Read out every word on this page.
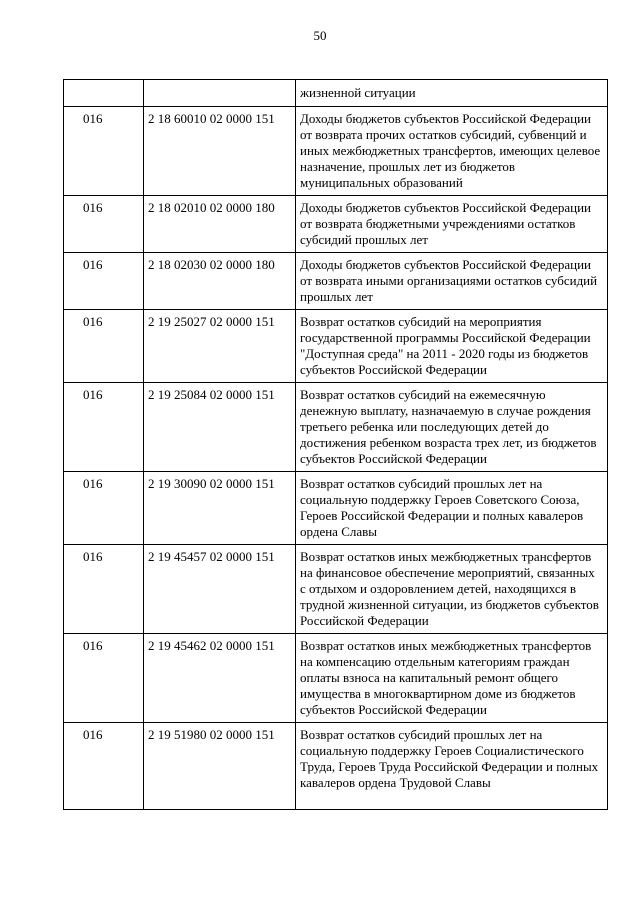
50
		жизненной ситуации
016	2 18 60010 02 0000 151	Доходы бюджетов субъектов Российской Федерации от возврата прочих остатков субсидий, субвенций и иных межбюджетных трансфертов, имеющих целевое назначение, прошлых лет из бюджетов муниципальных образований
016	2 18 02010 02 0000 180	Доходы бюджетов субъектов Российской Федерации от возврата бюджетными учреждениями остатков субсидий прошлых лет
016	2 18 02030 02 0000 180	Доходы бюджетов субъектов Российской Федерации от возврата иными организациями остатков субсидий прошлых лет
016	2 19 25027 02 0000 151	Возврат остатков субсидий на мероприятия государственной программы Российской Федерации "Доступная среда" на 2011 - 2020 годы из бюджетов субъектов Российской Федерации
016	2 19 25084 02 0000 151	Возврат остатков субсидий на ежемесячную денежную выплату, назначаемую в случае рождения третьего ребенка или последующих детей до достижения ребенком возраста трех лет, из бюджетов субъектов Российской Федерации
016	2 19 30090 02 0000 151	Возврат остатков субсидий прошлых лет на социальную поддержку Героев Советского Союза, Героев Российской Федерации и полных кавалеров ордена Славы
016	2 19 45457 02 0000 151	Возврат остатков иных межбюджетных трансфертов на финансовое обеспечение мероприятий, связанных с отдыхом и оздоровлением детей, находящихся в трудной жизненной ситуации, из бюджетов субъектов Российской Федерации
016	2 19 45462 02 0000 151	Возврат остатков иных межбюджетных трансфертов на компенсацию отдельным категориям граждан оплаты взноса на капитальный ремонт общего имущества в многоквартирном доме из бюджетов субъектов Российской Федерации
016	2 19 51980 02 0000 151	Возврат остатков субсидий прошлых лет на социальную поддержку Героев Социалистического Труда, Героев Труда Российской Федерации и полных кавалеров ордена Трудовой Славы
